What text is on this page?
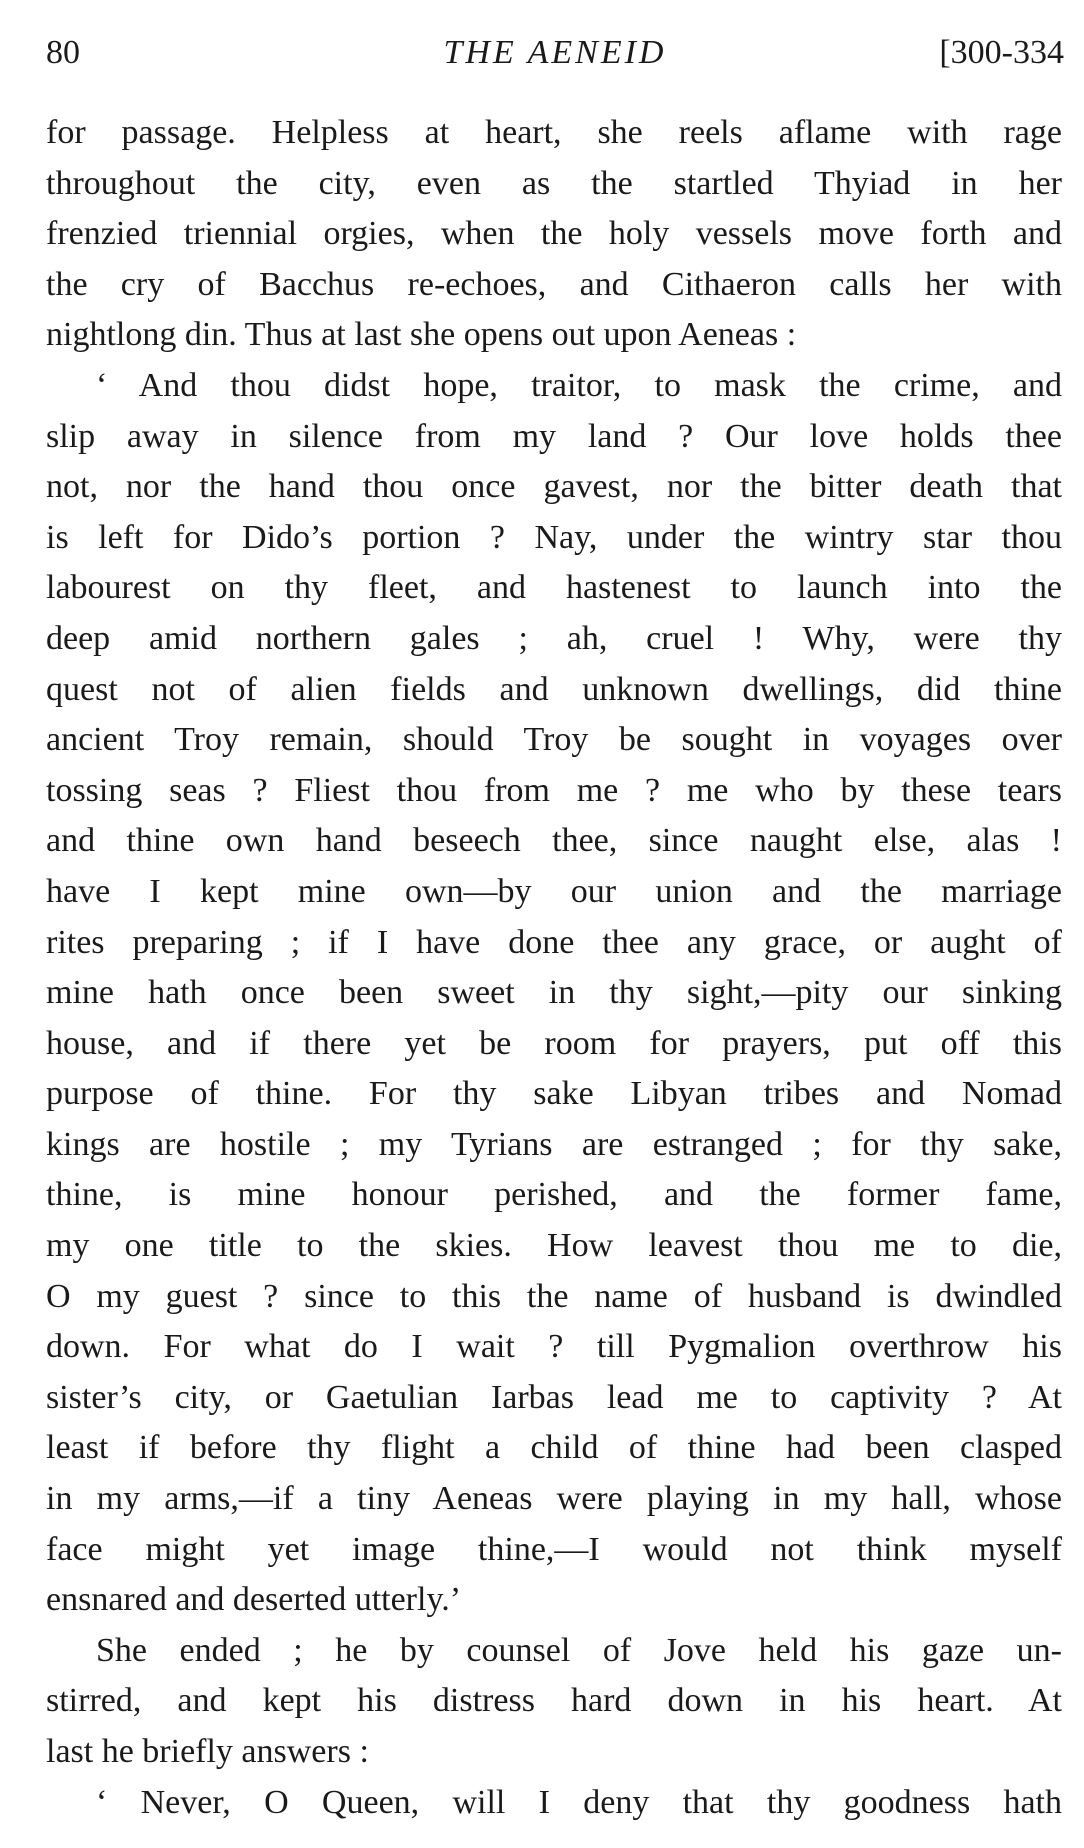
80	THE AENEID	[300-334
for passage. Helpless at heart, she reels aflame with rage
throughout the city, even as the startled Thyiad in her
frenzied triennial orgies, when the holy vessels move forth and
the cry of Bacchus re-echoes, and Cithaeron calls her with
nightlong din. Thus at last she opens out upon Aeneas :
‘ And thou didst hope, traitor, to mask the crime, and
slip away in silence from my land ? Our love holds thee
not, nor the hand thou once gavest, nor the bitter death that
is left for Dido’s portion ? Nay, under the wintry star thou
labourest on thy fleet, and hastenest to launch into the
deep amid northern gales ; ah, cruel ! Why, were thy
quest not of alien fields and unknown dwellings, did thine
ancient Troy remain, should Troy be sought in voyages over
tossing seas ? Fliest thou from me ? me who by these tears
and thine own hand beseech thee, since naught else, alas !
have I kept mine own—by our union and the marriage
rites preparing ; if I have done thee any grace, or aught of
mine hath once been sweet in thy sight,—pity our sinking
house, and if there yet be room for prayers, put off this
purpose of thine. For thy sake Libyan tribes and Nomad
kings are hostile ; my Tyrians are estranged ; for thy sake,
thine, is mine honour perished, and the former fame,
my one title to the skies. How leavest thou me to die,
O my guest ? since to this the name of husband is dwindled
down. For what do I wait ? till Pygmalion overthrow his
sister’s city, or Gaetulian Iarbas lead me to captivity ? At
least if before thy flight a child of thine had been clasped
in my arms,—if a tiny Aeneas were playing in my hall, whose
face might yet image thine,—I would not think myself
ensnared and deserted utterly.’
She ended ; he by counsel of Jove held his gaze un-
stirred, and kept his distress hard down in his heart. At
last he briefly answers :
‘ Never, O Queen, will I deny that thy goodness hath
